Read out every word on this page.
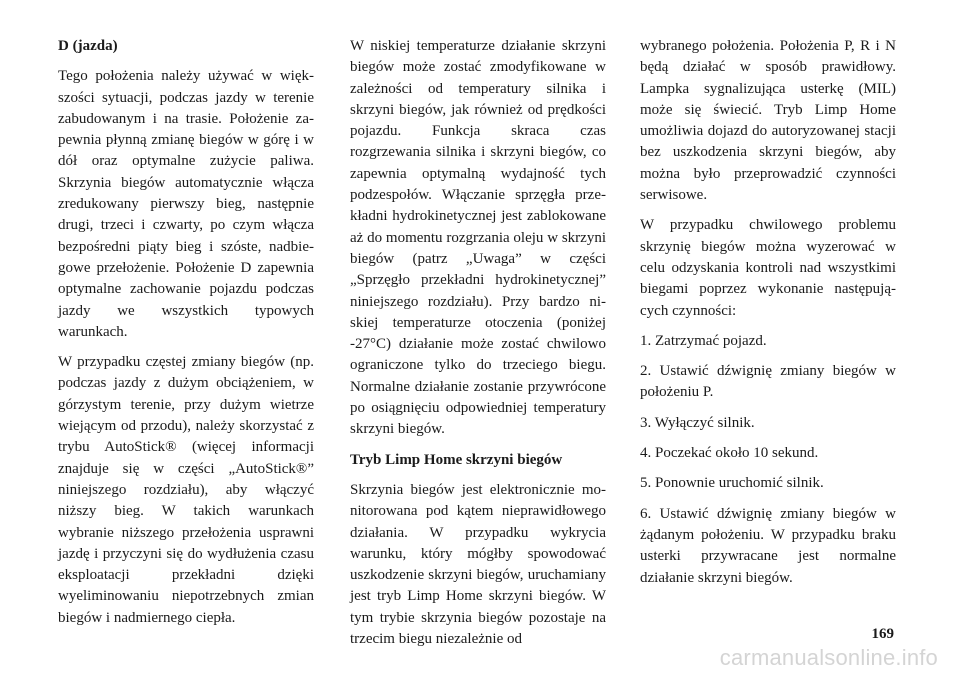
D (jazda)

Tego położenia należy używać w większości sytuacji, podczas jazdy w terenie zabudowanym i na trasie. Położenie zapewnia płynną zmianę biegów w górę i w dół oraz optymalne zużycie paliwa. Skrzynia biegów automatycznie włącza zredukowany pierwszy bieg, następnie drugi, trzeci i czwarty, po czym włącza bezpośredni piąty bieg i szóste, nadbiegowe przełożenie. Położenie D zapewnia optymalne zachowanie pojazdu podczas jazdy we wszystkich typowych warunkach.

W przypadku częstej zmiany biegów (np. podczas jazdy z dużym obciążeniem, w górzystym terenie, przy dużym wietrze wiejącym od przodu), należy skorzystać z trybu AutoStick® (więcej informacji znajduje się w części „AutoStick®” niniejszego rozdziału), aby włączyć niższy bieg. W takich warunkach wybranie niższego przełożenia usprawni jazdę i przyczyni się do wydłużenia czasu eksploatacji przekładni dzięki wyeliminowaniu niepotrzebnych zmian biegów i nadmiernego ciepła.

W niskiej temperaturze działanie skrzyni biegów może zostać zmodyfikowane w zależności od temperatury silnika i skrzyni biegów, jak również od prędkości pojazdu. Funkcja skraca czas rozgrzewania silnika i skrzyni biegów, co zapewnia optymalną wydajność tych podzespołów. Włączanie sprzęgła przekładni hydrokinetycznej jest zablokowane aż do momentu rozgrzania oleju w skrzyni biegów (patrz „Uwaga” w części „Sprzęgło przekładni hydrokinetycznej” niniejszego rozdziału). Przy bardzo niskiej temperaturze otoczenia (poniżej -27°C) działanie może zostać chwilowo ograniczone tylko do trzeciego biegu. Normalne działanie zostanie przywrócone po osiągnięciu odpowiedniej temperatury skrzyni biegów.

Tryb Limp Home skrzyni biegów

Skrzynia biegów jest elektronicznie monitorowana pod kątem nieprawidłowego działania. W przypadku wykrycia warunku, który mógłby spowodować uszkodzenie skrzyni biegów, uruchamiany jest tryb Limp Home skrzyni biegów. W tym trybie skrzynia biegów pozostaje na trzecim biegu niezależnie od

wybranego położenia. Położenia P, R i N będą działać w sposób prawidłowy. Lampka sygnalizująca usterkę (MIL) może się świecić. Tryb Limp Home umożliwia dojazd do autoryzowanej stacji bez uszkodzenia skrzyni biegów, aby można było przeprowadzić czynności serwisowe.

W przypadku chwilowego problemu skrzynię biegów można wyzerować w celu odzyskania kontroli nad wszystkimi biegami poprzez wykonanie następujących czynności:

1. Zatrzymać pojazd.

2. Ustawić dźwignię zmiany biegów w położeniu P.

3. Wyłączyć silnik.

4. Poczekać około 10 sekund.

5. Ponownie uruchomić silnik.

6. Ustawić dźwignię zmiany biegów w żądanym położeniu. W przypadku braku usterki przywracane jest normalne działanie skrzyni biegów.

169
carmanualsonline.info
